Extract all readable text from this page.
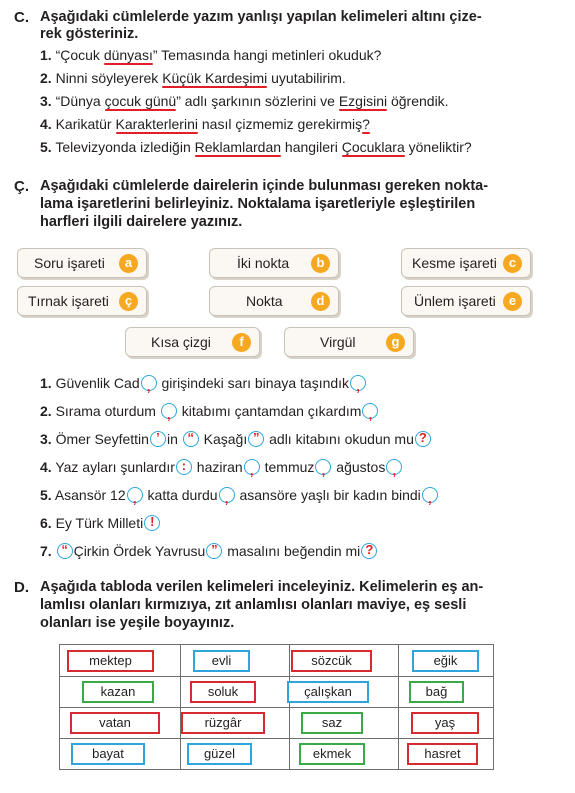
C. Aşağıdaki cümlelerde yazım yanlışı yapılan kelimeleri altını çize-
rek gösteriniz.
1. “Çocuk dünyası” Temasında hangi metinleri okuduk?
2. Ninni söyleyerek Küçük Kardeşimi uyutabilirim.
3. “Dünya çocuk günü” adlı şarkının sözlerini ve Ezgisini öğrendik.
4. Karikatür Karakterlerini nasıl çizmemiz gerekirmiş?
5. Televizyonda izlediğin Reklamlardan hangileri Çocuklara yöneliktir?
Ç. Aşağıdaki cümlelerde dairelerin içinde bulunması gereken nokta-
lama işaretlerini belirleyiniz. Noktalama işaretleriyle eşleştirilen
harfleri ilgili dairelere yazınız.
Soru işareti	a	İki nokta	b	Kesme işareti c
Tırnak işareti	ç	Nokta	d	Ünlem işareti	e
Kısa çizgi	f	Virgül	g
1. Güvenlik Cad , girişindeki sarı binaya taşındık ,
2. Sırama oturdum , kitabımı çantamdan çıkardım ,
3. Ömer Seyfettin ’ in “ Kaşağı ” adlı kitabını okudun mu ?
4. Yaz ayları şunlardır : haziran , temmuz , ağustos ,
5. Asansör 12 , katta durdu , asansöre yaşlı bir kadın bindi ,
6. Ey Türk Milleti !
7. “ Çirkin Ördek Yavrusu ” masalını beğendin mi ?
D. Aşağıda tabloda verilen kelimeleri inceleyiniz. Kelimelerin eş an-
lamlısı olanları kırmızıya, zıt anlamlısı olanları maviye, eş sesli
olanları ise yeşile boyayınız.
mektep	evli	sözcük	eğik
kazan	soluk	çalışkan	bağ
vatan	rüzgâr	saz	yaş
bayat	güzel	ekmek	hasret
